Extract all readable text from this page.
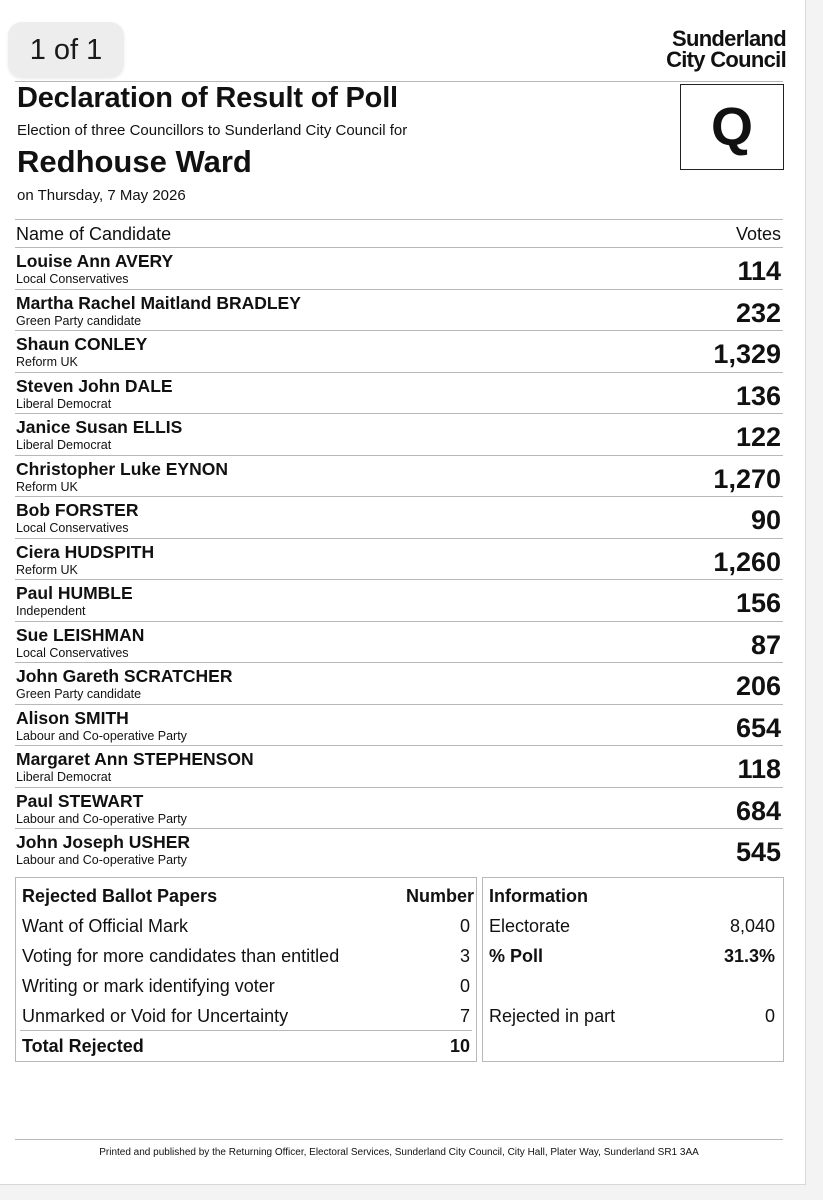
Sunderland
City Council
Declaration of Result of Poll
Election of three Councillors to Sunderland City Council for
Redhouse Ward
on Thursday, 7 May 2026
Q
Name of Candidate	Votes
Louise Ann AVERY
Local Conservatives	114
Martha Rachel Maitland BRADLEY
Green Party candidate	232
Shaun CONLEY
Reform UK	1,329
Steven John DALE
Liberal Democrat	136
Janice Susan ELLIS
Liberal Democrat	122
Christopher Luke EYNON
Reform UK	1,270
Bob FORSTER
Local Conservatives	90
Ciera HUDSPITH
Reform UK	1,260
Paul HUMBLE
Independent	156
Sue LEISHMAN
Local Conservatives	87
John Gareth SCRATCHER
Green Party candidate	206
Alison SMITH
Labour and Co-operative Party	654
Margaret Ann STEPHENSON
Liberal Democrat	118
Paul STEWART
Labour and Co-operative Party	684
John Joseph USHER
Labour and Co-operative Party	545
Rejected Ballot Papers	Number
Want of Official Mark	0
Voting for more candidates than entitled	3
Writing or mark identifying voter	0
Unmarked or Void for Uncertainty	7
Total Rejected	10
Information
Electorate	8,040
% Poll	31.3%
Rejected in part	0
Printed and published by the Returning Officer, Electoral Services, Sunderland City Council, City Hall, Plater Way, Sunderland SR1 3AA
1 of 1
